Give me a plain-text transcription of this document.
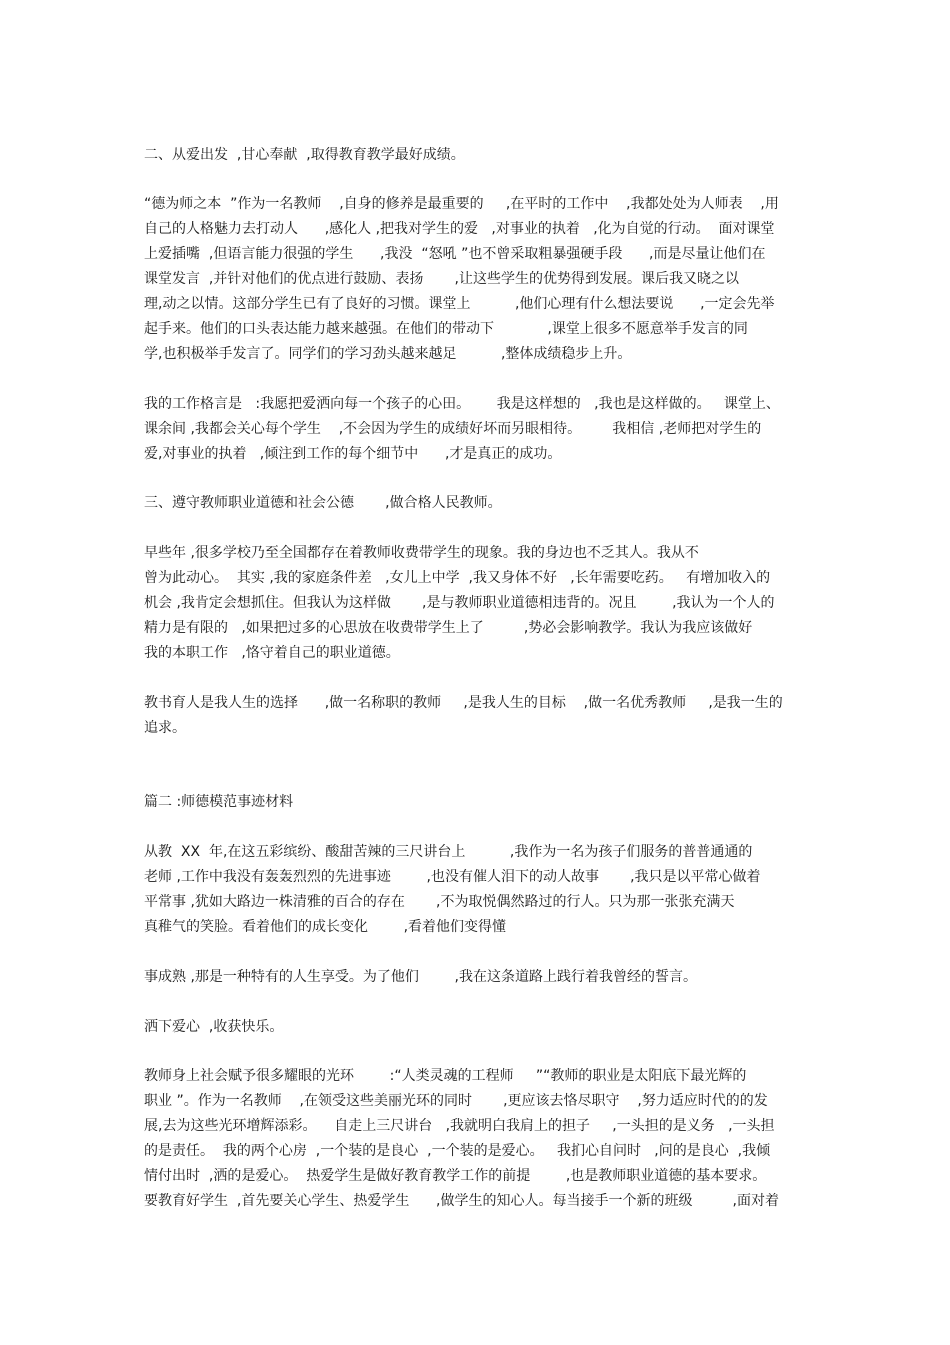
二、从爱出发  ,甘心奉献  ,取得教育教学最好成绩。
“德为师之本  ”作为一名教师    ,自身的修养是最重要的     ,在平时的工作中    ,我都处处为人师表    ,用
自己的人格魅力去打动人      ,感化人 ,把我对学生的爱   ,对事业的执着   ,化为自觉的行动。  面对课堂
上爱插嘴  ,但语言能力很强的学生      ,我没  “怒吼 ”也不曾采取粗暴强硬手段      ,而是尽量让他们在
课堂发言  ,并针对他们的优点进行鼓励、表扬       ,让这些学生的优势得到发展。课后我又晓之以
理,动之以情。这部分学生已有了良好的习惯。课堂上          ,他们心理有什么想法要说      ,一定会先举
起手来。他们的口头表达能力越来越强。在他们的带动下            ,课堂上很多不愿意举手发言的同
学,也积极举手发言了。同学们的学习劲头越来越足          ,整体成绩稳步上升。
我的工作格言是   :我愿把爱洒向每一个孩子的心田。      我是这样想的   ,我也是这样做的。   课堂上、
课余间 ,我都会关心每个学生    ,不会因为学生的成绩好坏而另眼相待。       我相信 ,老师把对学生的
爱,对事业的执着   ,倾注到工作的每个细节中      ,才是真正的成功。
三、遵守教师职业道德和社会公德       ,做合格人民教师。
早些年 ,很多学校乃至全国都存在着教师收费带学生的现象。我的身边也不乏其人。我从不
曾为此动心。  其实 ,我的家庭条件差   ,女儿上中学  ,我又身体不好   ,长年需要吃药。   有增加收入的
机会 ,我肯定会想抓住。但我认为这样做       ,是与教师职业道德相违背的。况且        ,我认为一个人的
精力是有限的   ,如果把过多的心思放在收费带学生上了         ,势必会影响教学。我认为我应该做好
我的本职工作   ,恪守着自己的职业道德。
教书育人是我人生的选择      ,做一名称职的教师     ,是我人生的目标    ,做一名优秀教师     ,是我一生的
追求。
篇二 :师德模范事迹材料
从教  XX  年,在这五彩缤纷、酸甜苦辣的三尺讲台上          ,我作为一名为孩子们服务的普普通通的
老师 ,工作中我没有轰轰烈烈的先进事迹        ,也没有催人泪下的动人故事       ,我只是以平常心做着
平常事 ,犹如大路边一株清雅的百合的存在       ,不为取悦偶然路过的行人。只为那一张张充满天
真稚气的笑脸。看着他们的成长变化        ,看着他们变得懂
事成熟 ,那是一种特有的人生享受。为了他们        ,我在这条道路上践行着我曾经的誓言。
洒下爱心  ,收获快乐。
教师身上社会赋予很多耀眼的光环        :“人类灵魂的工程师     ”“教师的职业是太阳底下最光辉的
职业 ”。作为一名教师    ,在领受这些美丽光环的同时       ,更应该去恪尽职守    ,努力适应时代的的发
展,去为这些光环增辉添彩。    自走上三尺讲台   ,我就明白我肩上的担子     ,一头担的是义务   ,一头担
的是责任。  我的两个心房  ,一个装的是良心  ,一个装的是爱心。   我扪心自问时   ,问的是良心  ,我倾
情付出时  ,洒的是爱心。  热爱学生是做好教育教学工作的前提        ,也是教师职业道德的基本要求。
要教育好学生  ,首先要关心学生、热爱学生      ,做学生的知心人。每当接手一个新的班级         ,面对着
